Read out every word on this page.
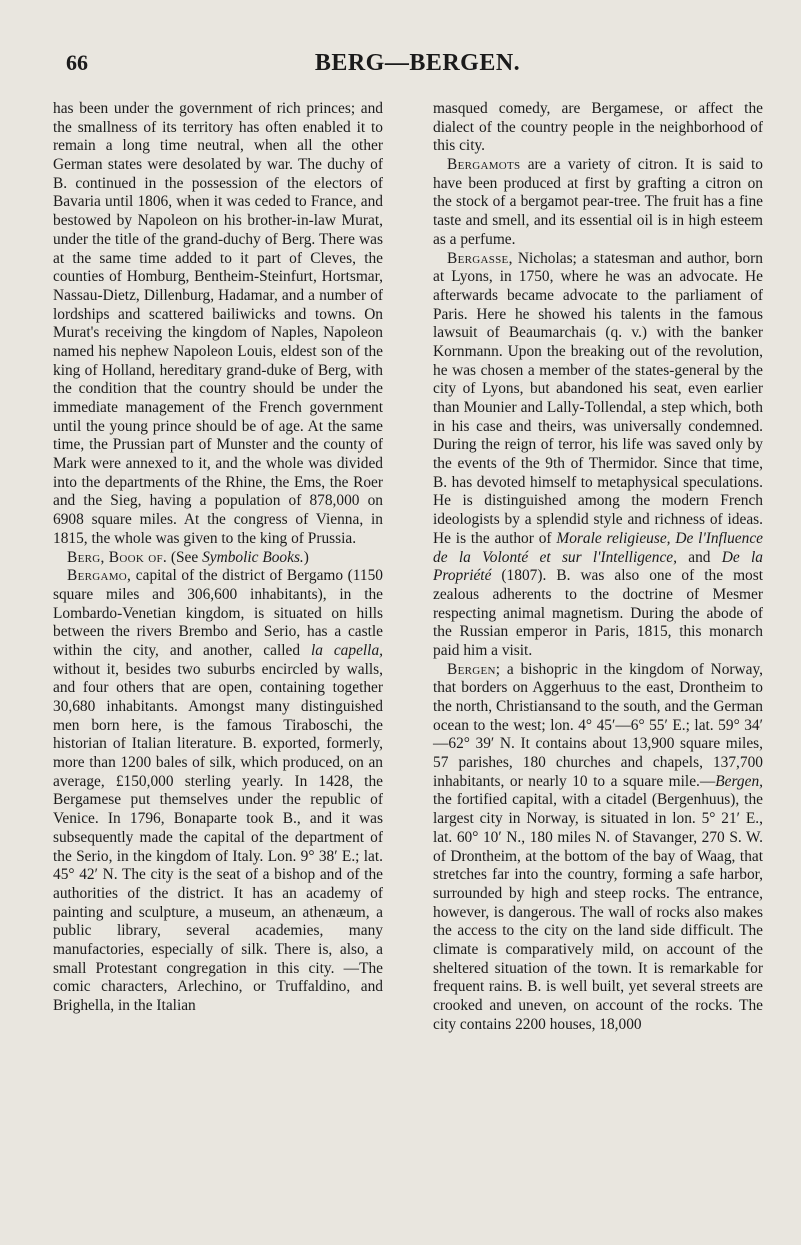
66	BERG—BERGEN.

has been under the government of rich princes; and the smallness of its territory has often enabled it to remain a long time neutral, when all the other German states were desolated by war. The duchy of B. continued in the possession of the electors of Bavaria until 1806, when it was ceded to France, and bestowed by Napoleon on his brother-in-law Murat, under the title of the grand-duchy of Berg. There was at the same time added to it part of Cleves, the counties of Homburg, Bentheim-Steinfurt, Hortsmar, Nassau-Dietz, Dillenburg, Hadamar, and a number of lordships and scattered bailiwicks and towns. On Murat's receiving the kingdom of Naples, Napoleon named his nephew Napoleon Louis, eldest son of the king of Holland, hereditary grand-duke of Berg, with the condition that the country should be under the immediate management of the French government until the young prince should be of age. At the same time, the Prussian part of Munster and the county of Mark were annexed to it, and the whole was divided into the departments of the Rhine, the Ems, the Roer and the Sieg, having a population of 878,000 on 6908 square miles. At the congress of Vienna, in 1815, the whole was given to the king of Prussia.

Berg, Book of. (See Symbolic Books.)

Bergamo, capital of the district of Bergamo (1150 square miles and 306,600 inhabitants), in the Lombardo-Venetian kingdom, is situated on hills between the rivers Brembo and Serio, has a castle within the city, and another, called la capella, without it, besides two suburbs encircled by walls, and four others that are open, containing together 30,680 inhabitants. Amongst many distinguished men born here, is the famous Tiraboschi, the historian of Italian literature. B. exported, formerly, more than 1200 bales of silk, which produced, on an average, £150,000 sterling yearly. In 1428, the Bergamese put themselves under the republic of Venice. In 1796, Bonaparte took B., and it was subsequently made the capital of the department of the Serio, in the kingdom of Italy. Lon. 9° 38′ E.; lat. 45° 42′ N. The city is the seat of a bishop and of the authorities of the district. It has an academy of painting and sculpture, a museum, an athenæum, a public library, several academies, many manufactories, especially of silk. There is, also, a small Protestant congregation in this city. —The comic characters, Arlechino, or Truffaldino, and Brighella, in the Italian

masqued comedy, are Bergamese, or affect the dialect of the country people in the neighborhood of this city.

Bergamots are a variety of citron. It is said to have been produced at first by grafting a citron on the stock of a bergamot pear-tree. The fruit has a fine taste and smell, and its essential oil is in high esteem as a perfume.

Bergasse, Nicholas; a statesman and author, born at Lyons, in 1750, where he was an advocate. He afterwards became advocate to the parliament of Paris. Here he showed his talents in the famous lawsuit of Beaumarchais (q. v.) with the banker Kornmann. Upon the breaking out of the revolution, he was chosen a member of the states-general by the city of Lyons, but abandoned his seat, even earlier than Mounier and Lally-Tollendal, a step which, both in his case and theirs, was universally condemned. During the reign of terror, his life was saved only by the events of the 9th of Thermidor. Since that time, B. has devoted himself to metaphysical speculations. He is distinguished among the modern French ideologists by a splendid style and richness of ideas. He is the author of Morale religieuse, De l'Influence de la Volonté et sur l'Intelligence, and De la Propriété (1807). B. was also one of the most zealous adherents to the doctrine of Mesmer respecting animal magnetism. During the abode of the Russian emperor in Paris, 1815, this monarch paid him a visit.

Bergen; a bishopric in the kingdom of Norway, that borders on Aggerhuus to the east, Drontheim to the north, Christiansand to the south, and the German ocean to the west; lon. 4° 45′—6° 55′ E.; lat. 59° 34′—62° 39′ N. It contains about 13,900 square miles, 57 parishes, 180 churches and chapels, 137,700 inhabitants, or nearly 10 to a square mile.—Bergen, the fortified capital, with a citadel (Bergenhuus), the largest city in Norway, is situated in lon. 5° 21′ E., lat. 60° 10′ N., 180 miles N. of Stavanger, 270 S. W. of Drontheim, at the bottom of the bay of Waag, that stretches far into the country, forming a safe harbor, surrounded by high and steep rocks. The entrance, however, is dangerous. The wall of rocks also makes the access to the city on the land side difficult. The climate is comparatively mild, on account of the sheltered situation of the town. It is remarkable for frequent rains. B. is well built, yet several streets are crooked and uneven, on account of the rocks. The city contains 2200 houses, 18,000
